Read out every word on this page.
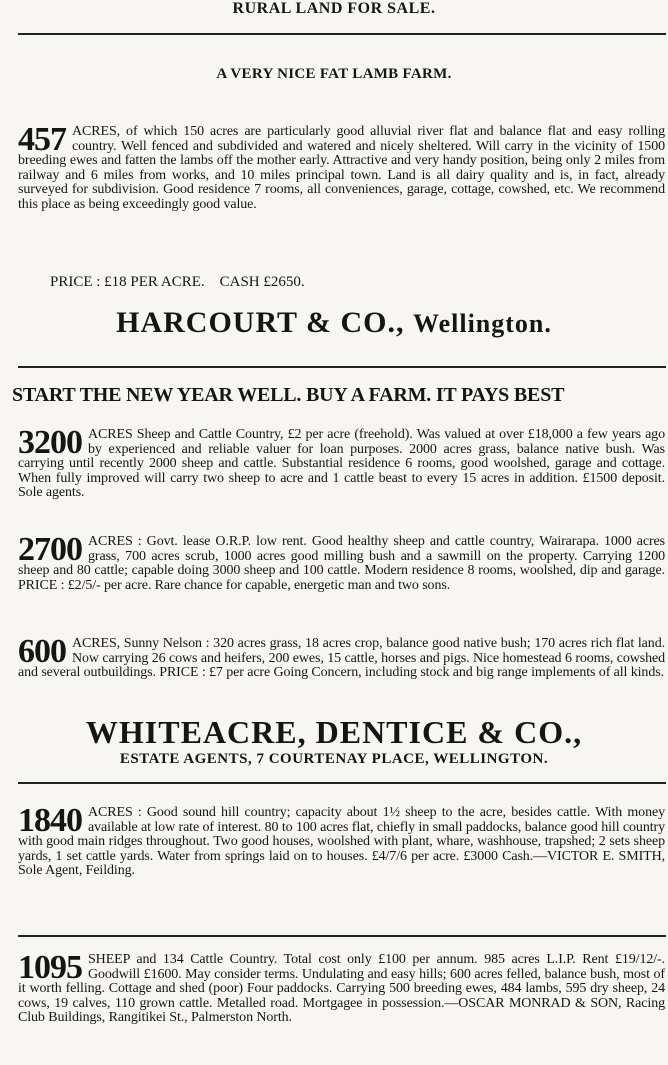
RURAL LAND FOR SALE.
A VERY NICE FAT LAMB FARM.
457 ACRES, of which 150 acres are particularly good alluvial river flat and balance flat and easy rolling country. Well fenced and subdivided and watered and nicely sheltered. Will carry in the vicinity of 1500 breeding ewes and fatten the lambs off the mother early. Attractive and very handy position, being only 2 miles from railway and 6 miles from works, and 10 miles principal town. Land is all dairy quality and is, in fact, already surveyed for subdivision. Good residence 7 rooms, all conveniences, garage, cottage, cowshed, etc. We recommend this place as being exceedingly good value.
PRICE : £18 PER ACRE. CASH £2650.
HARCOURT & CO., Wellington.
START THE NEW YEAR WELL. BUY A FARM. IT PAYS BEST
3200 ACRES Sheep and Cattle Country, £2 per acre (freehold). Was valued at over £18,000 a few years ago by experienced and reliable valuer for loan purposes. 2000 acres grass, balance native bush. Was carrying until recently 2000 sheep and cattle. Substantial residence 6 rooms, good woolshed, garage and cottage. When fully improved will carry two sheep to acre and 1 cattle beast to every 15 acres in addition. £1500 deposit. Sole agents.
2700 ACRES : Govt. lease O.R.P. low rent. Good healthy sheep and cattle country, Wairarapa. 1000 acres grass, 700 acres scrub, 1000 acres good milling bush and a sawmill on the property. Carrying 1200 sheep and 80 cattle; capable doing 3000 sheep and 100 cattle. Modern residence 8 rooms, woolshed, dip and garage. PRICE : £2/5/- per acre. Rare chance for capable, energetic man and two sons.
600 ACRES, Sunny Nelson : 320 acres grass, 18 acres crop, balance good native bush; 170 acres rich flat land. Now carrying 26 cows and heifers, 200 ewes, 15 cattle, horses and pigs. Nice homestead 6 rooms, cowshed and several outbuildings. PRICE : £7 per acre Going Concern, including stock and big range implements of all kinds.
WHITEACRE, DENTICE & CO.,
ESTATE AGENTS, 7 COURTENAY PLACE, WELLINGTON.
1840 ACRES : Good sound hill country; capacity about 1½ sheep to the acre, besides cattle. With money available at low rate of interest. 80 to 100 acres flat, chiefly in small paddocks, balance good hill country with good main ridges throughout. Two good houses, woolshed with plant, whare, washhouse, trapshed; 2 sets sheep yards, 1 set cattle yards. Water from springs laid on to houses. £4/7/6 per acre. £3000 Cash.—VICTOR E. SMITH, Sole Agent, Feilding.
1095 SHEEP and 134 Cattle Country. Total cost only £100 per annum. 985 acres L.I.P. Rent £19/12/-. Goodwill £1600. May consider terms. Undulating and easy hills; 600 acres felled, balance bush, most of it worth felling. Cottage and shed (poor) Four paddocks. Carrying 500 breeding ewes, 484 lambs, 595 dry sheep, 24 cows, 19 calves, 110 grown cattle. Metalled road. Mortgagee in possession.—OSCAR MONRAD & SON, Racing Club Buildings, Rangitikei St., Palmerston North.
